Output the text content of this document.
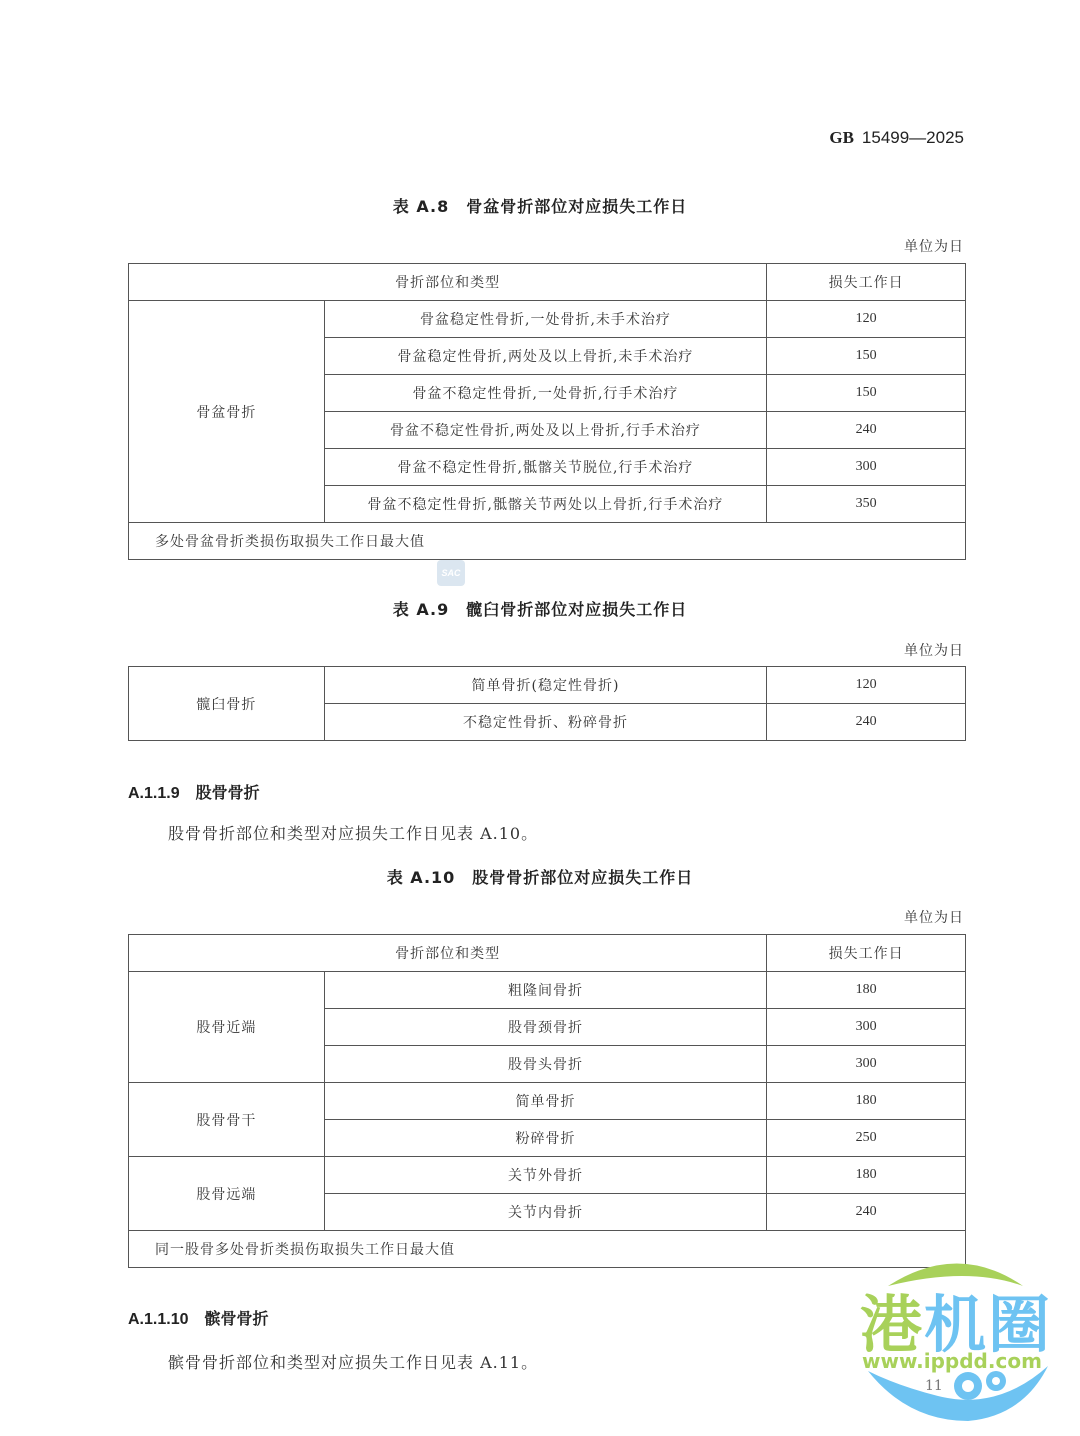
GB 15499—2025
表 A.8　骨盆骨折部位对应损失工作日
单位为日
骨折部位和类型		损失工作日
骨盆骨折	骨盆稳定性骨折,一处骨折,未手术治疗	120
	骨盆稳定性骨折,两处及以上骨折,未手术治疗	150
	骨盆不稳定性骨折,一处骨折,行手术治疗	150
	骨盆不稳定性骨折,两处及以上骨折,行手术治疗	240
	骨盆不稳定性骨折,骶髂关节脱位,行手术治疗	300
	骨盆不稳定性骨折,骶髂关节两处以上骨折,行手术治疗	350
多处骨盆骨折类损伤取损失工作日最大值		
SAC
表 A.9　髋臼骨折部位对应损失工作日
单位为日
髋臼骨折	简单骨折(稳定性骨折)	120
	不稳定性骨折、粉碎骨折	240
A.1.1.9 股骨骨折
股骨骨折部位和类型对应损失工作日见表 A.10。
表 A.10　股骨骨折部位对应损失工作日
单位为日
骨折部位和类型		损失工作日
股骨近端	粗隆间骨折	180
	股骨颈骨折	300
	股骨头骨折	300
股骨骨干	简单骨折	180
	粉碎骨折	250
股骨远端	关节外骨折	180
	关节内骨折	240
同一股骨多处骨折类损伤取损失工作日最大值		
A.1.1.10 髌骨骨折
髌骨骨折部位和类型对应损失工作日见表 A.11。
港 机 圈
www.ippdd.com
11
